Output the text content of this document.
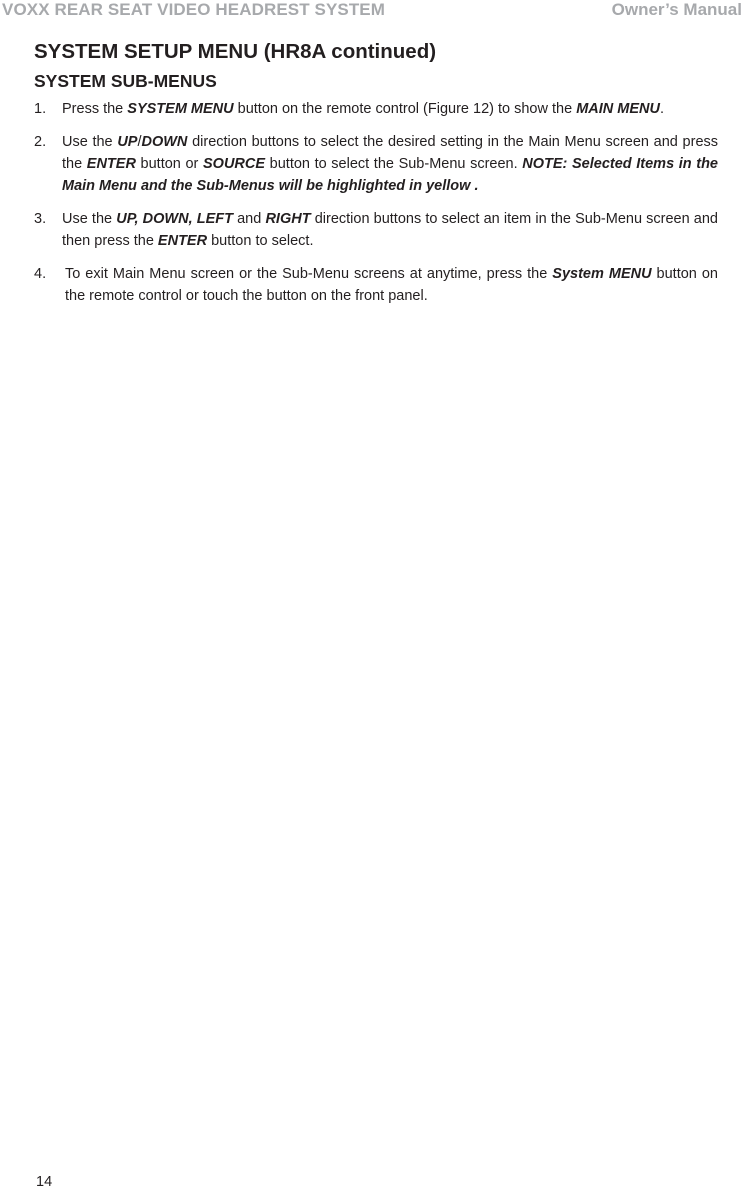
VOXX REAR SEAT VIDEO HEADREST SYSTEM	Owner’s Manual
SYSTEM SETUP MENU (HR8A continued)
SYSTEM SUB-MENUS
1. Press the SYSTEM MENU button on the remote control (Figure 12) to show the MAIN MENU.
2. Use the UP/DOWN direction buttons to select the desired setting in the Main Menu screen and press the ENTER button or SOURCE button to select the Sub-Menu screen. NOTE: Selected Items in the Main Menu and the Sub-Menus will be highlighted in yellow .
3. Use the UP, DOWN, LEFT and RIGHT direction buttons to select an item in the Sub-Menu screen and then press the ENTER button to select.
4. To exit Main Menu screen or the Sub-Menu screens at anytime, press the System MENU button on the remote control or touch the button on the front panel.
14
